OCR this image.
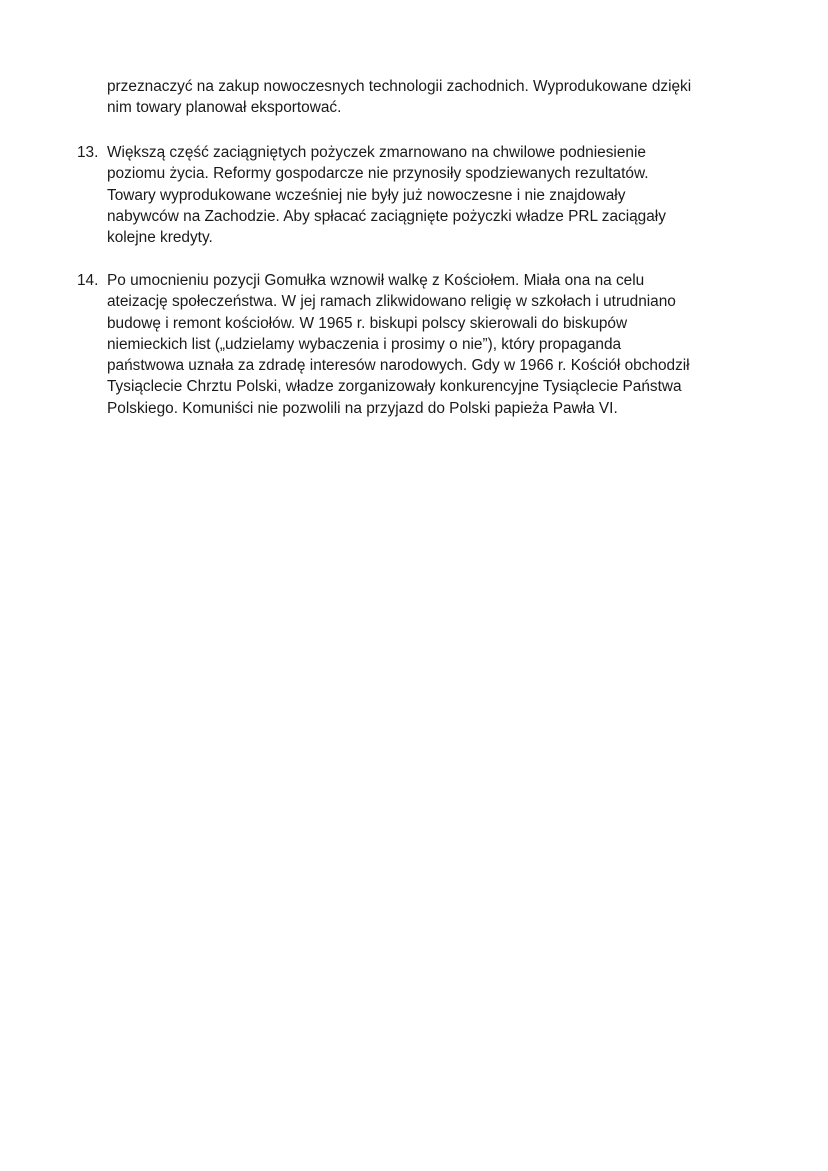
przeznaczyć na zakup nowoczesnych technologii zachodnich. Wyprodukowane dzięki
nim towary planował eksportować.

13. Większą część zaciągniętych pożyczek zmarnowano na chwilowe podniesienie
poziomu życia. Reformy gospodarcze nie przynosiły spodziewanych rezultatów.
Towary wyprodukowane wcześniej nie były już nowoczesne i nie znajdowały
nabywców na Zachodzie. Aby spłacać zaciągnięte pożyczki władze PRL zaciągały
kolejne kredyty.

14. Po umocnieniu pozycji Gomułka wznowił walkę z Kościołem. Miała ona na celu
ateizację społeczeństwa. W jej ramach zlikwidowano religię w szkołach i utrudniano
budowę i remont kościołów. W 1965 r. biskupi polscy skierowali do biskupów
niemieckich list („udzielamy wybaczenia i prosimy o nie”), który propaganda
państwowa uznała za zdradę interesów narodowych. Gdy w 1966 r. Kościół obchodził
Tysiąclecie Chrztu Polski, władze zorganizowały konkurencyjne Tysiąclecie Państwa
Polskiego. Komuniści nie pozwolili na przyjazd do Polski papieża Pawła VI.
